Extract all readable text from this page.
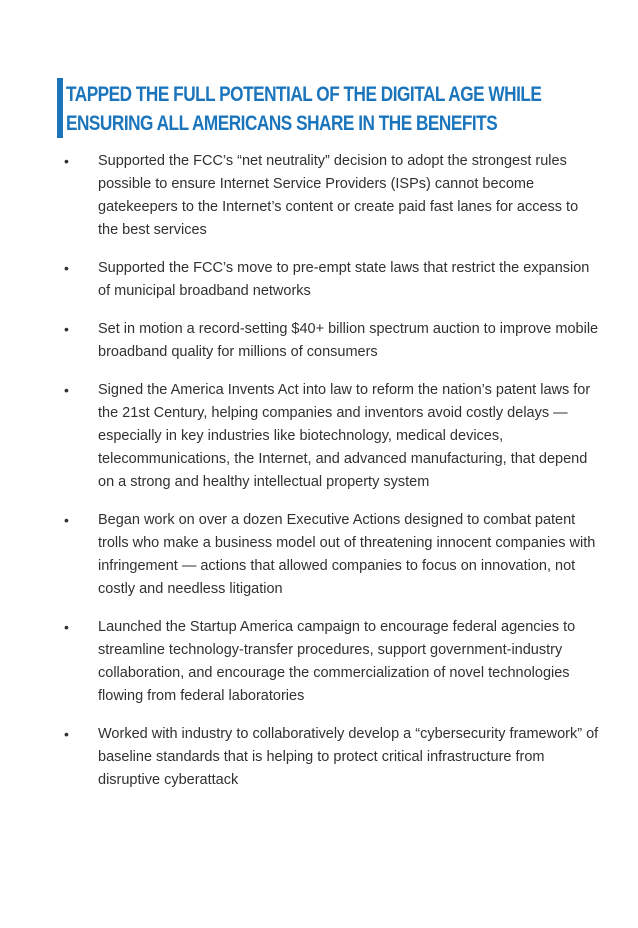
TAPPED THE FULL POTENTIAL OF THE DIGITAL AGE WHILE
ENSURING ALL AMERICANS SHARE IN THE BENEFITS
• Supported the FCC’s “net neutrality” decision to adopt the strongest rules possible to ensure Internet Service Providers (ISPs) cannot become gatekeepers to the Internet’s content or create paid fast lanes for access to the best services
• Supported the FCC’s move to pre-empt state laws that restrict the expansion of municipal broadband networks
• Set in motion a record-setting $40+ billion spectrum auction to improve mobile broadband quality for millions of consumers
• Signed the America Invents Act into law to reform the nation’s patent laws for the 21st Century, helping companies and inventors avoid costly delays — especially in key industries like biotechnology, medical devices, telecommunications, the Internet, and advanced manufacturing, that depend on a strong and healthy intellectual property system
• Began work on over a dozen Executive Actions designed to combat patent trolls who make a business model out of threatening innocent companies with infringement — actions that allowed companies to focus on innovation, not costly and needless litigation
• Launched the Startup America campaign to encourage federal agencies to streamline technology-transfer procedures, support government-industry collaboration, and encourage the commercialization of novel technologies flowing from federal laboratories
• Worked with industry to collaboratively develop a “cybersecurity framework” of baseline standards that is helping to protect critical infrastructure from disruptive cyberattack
